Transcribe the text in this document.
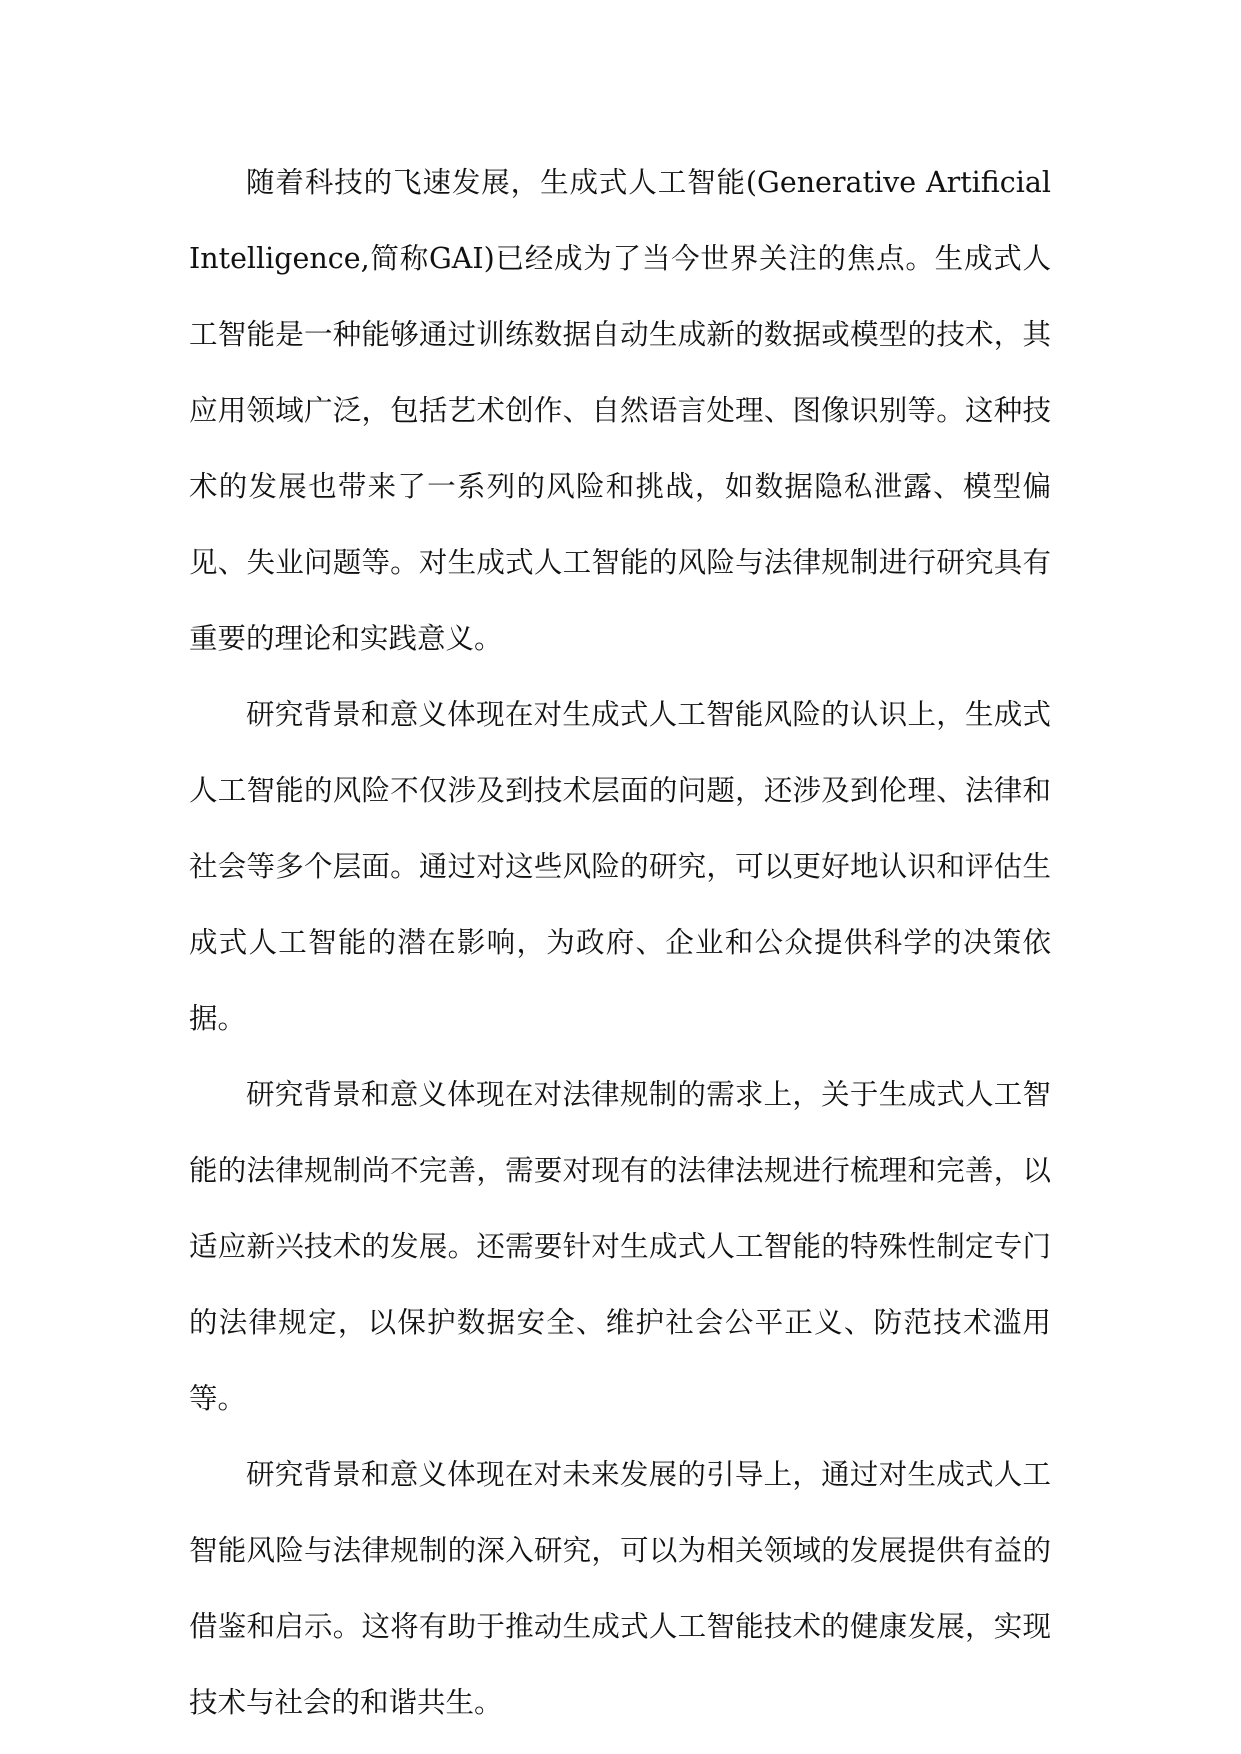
随着科技的飞速发展，生成式人工智能(Generative Artificial Intelligence,简称GAI)已经成为了当今世界关注的焦点。生成式人工智能是一种能够通过训练数据自动生成新的数据或模型的技术，其应用领域广泛，包括艺术创作、自然语言处理、图像识别等。这种技术的发展也带来了一系列的风险和挑战，如数据隐私泄露、模型偏见、失业问题等。对生成式人工智能的风险与法律规制进行研究具有重要的理论和实践意义。

研究背景和意义体现在对生成式人工智能风险的认识上，生成式人工智能的风险不仅涉及到技术层面的问题，还涉及到伦理、法律和社会等多个层面。通过对这些风险的研究，可以更好地认识和评估生成式人工智能的潜在影响，为政府、企业和公众提供科学的决策依据。

研究背景和意义体现在对法律规制的需求上，关于生成式人工智能的法律规制尚不完善，需要对现有的法律法规进行梳理和完善，以适应新兴技术的发展。还需要针对生成式人工智能的特殊性制定专门的法律规定，以保护数据安全、维护社会公平正义、防范技术滥用等。

研究背景和意义体现在对未来发展的引导上，通过对生成式人工智能风险与法律规制的深入研究，可以为相关领域的发展提供有益的借鉴和启示。这将有助于推动生成式人工智能技术的健康发展，实现技术与社会的和谐共生。
